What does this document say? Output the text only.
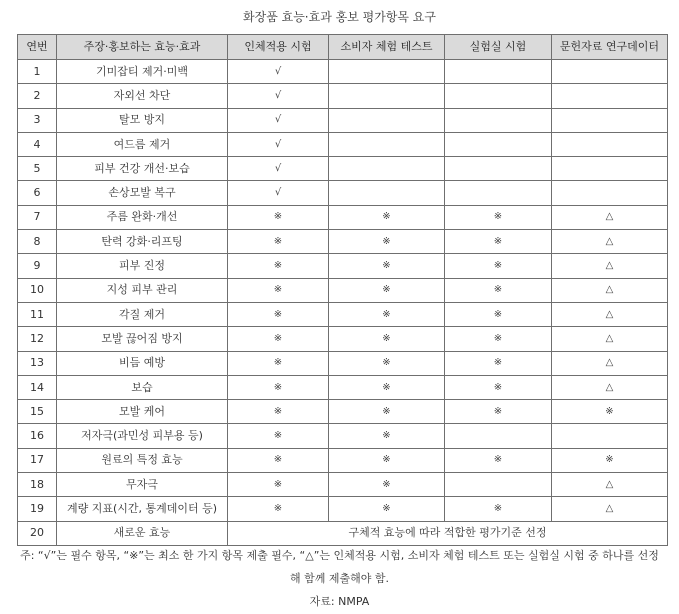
화장품 효능·효과 홍보 평가항목 요구
연번	주장·홍보하는 효능·효과	인체적용 시험	소비자 체험 테스트	실험실 시험	문헌자료 연구데이터
1	기미잡티 제거·미백	√			
2	자외선 차단	√			
3	탈모 방지	√			
4	여드름 제거	√			
5	피부 건강 개선·보습	√			
6	손상모발 복구	√			
7	주름 완화·개선	※	※	※	△
8	탄력 강화·리프팅	※	※	※	△
9	피부 진정	※	※	※	△
10	지성 피부 관리	※	※	※	△
11	각질 제거	※	※	※	△
12	모발 끊어짐 방지	※	※	※	△
13	비듬 예방	※	※	※	△
14	보습	※	※	※	△
15	모발 케어	※	※	※	※
16	저자극(과민성 피부용 등)	※	※		
17	원료의 특정 효능	※	※	※	※
18	무자극	※	※		△
19	계량 지표(시간, 통계데이터 등)	※	※	※	△
20	새로운 효능	구체적 효능에 따라 적합한 평가기준 선정			
주: “√”는 필수 항목, “※”는 최소 한 가지 항목 제출 필수, “△”는 인체적용 시험, 소비자 체험 테스트 또는 실험실 시험 중 하나를 선정
해 함께 제출해야 함.
자료: NMPA
